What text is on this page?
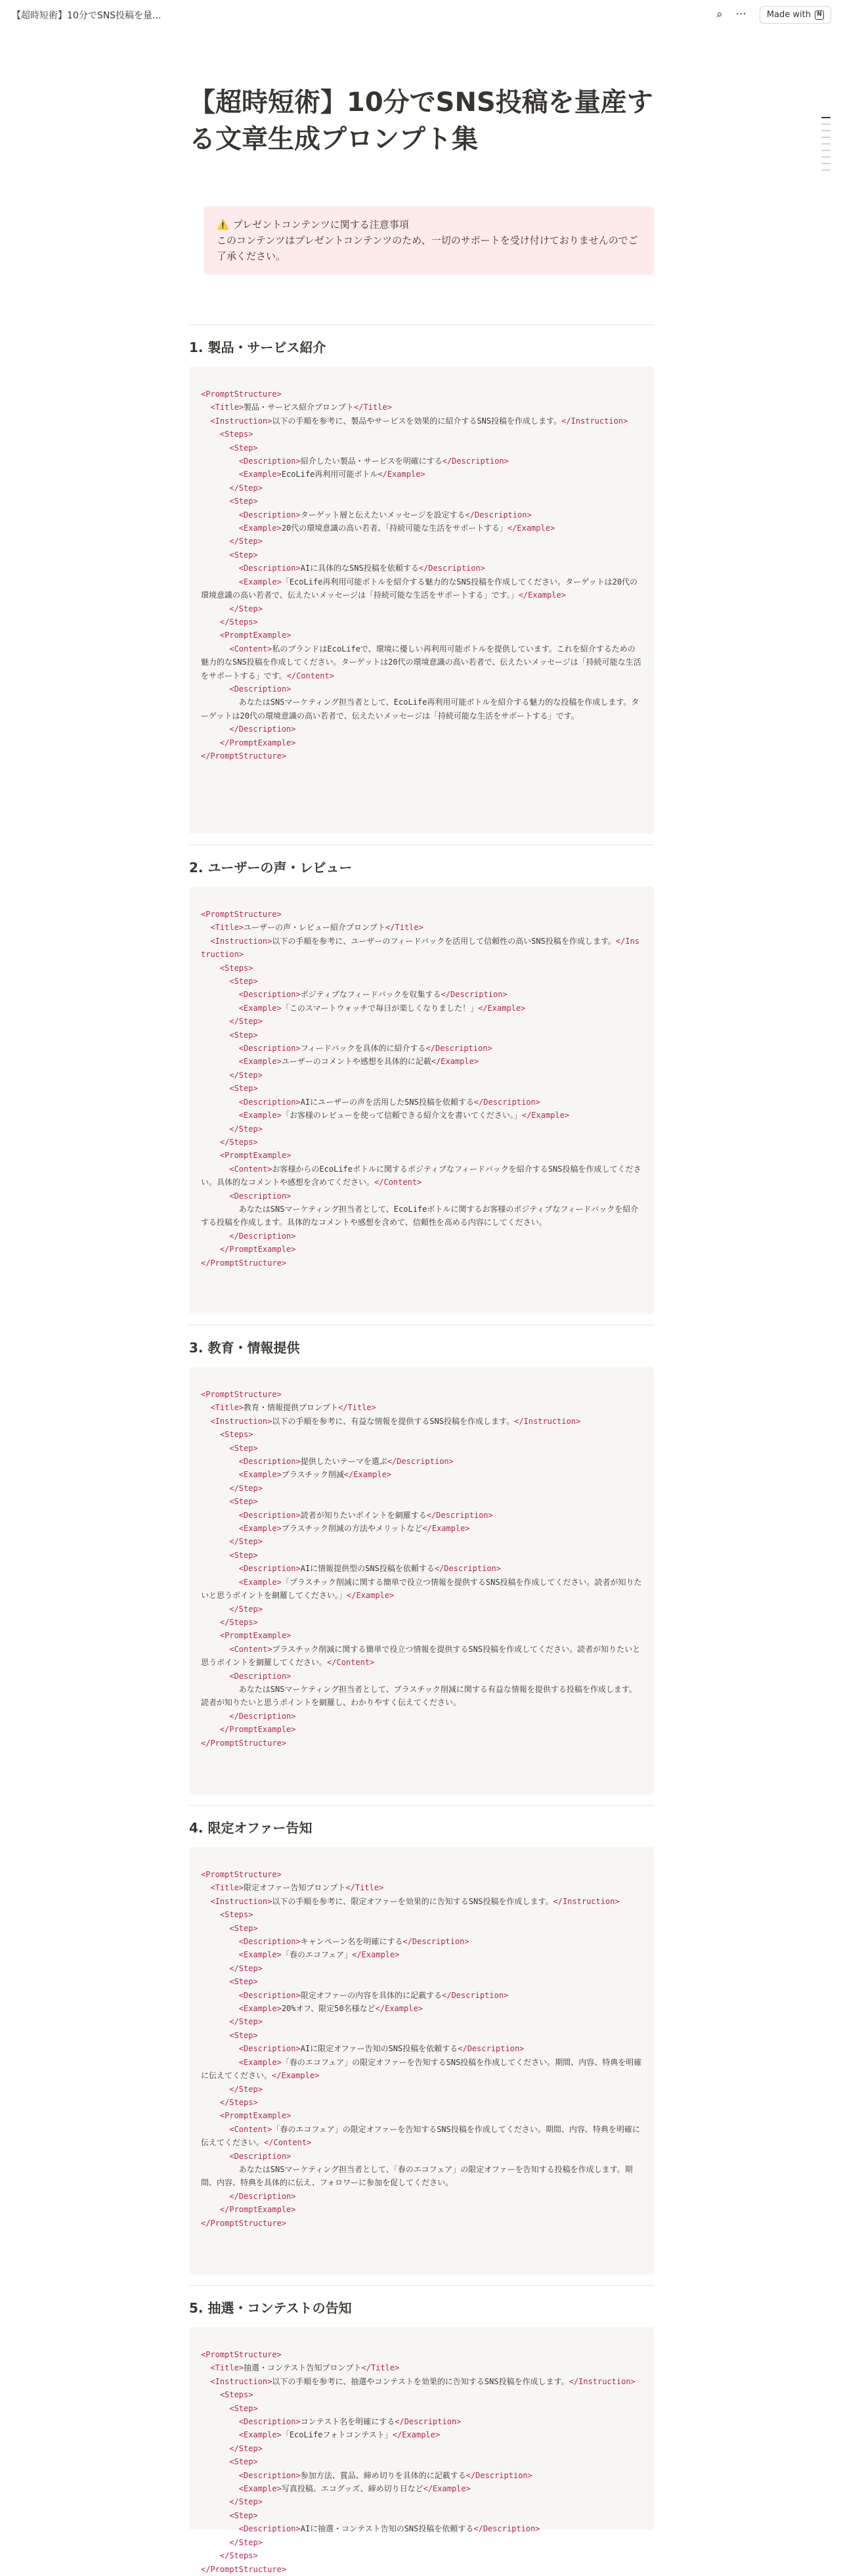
【超時短術】10分でSNS投稿を量...	⌕ ··· Made with	N
【超時短術】10分でSNS投稿を量産する文章生成プロンプト集
⚠️ プレゼントコンテンツに関する注意事項
このコンテンツはプレゼントコンテンツのため、一切のサポートを受け付けておりませんのでご了承ください。
1. 製品・サービス紹介
<PromptStructure>
<Title>製品・サービス紹介プロンプト</Title>
<Instruction>以下の手順を参考に、製品やサービスを効果的に紹介するSNS投稿を作成します。</Instruction>
<Steps>
<Step>
<Description>紹介したい製品・サービスを明確にする</Description>
<Example>EcoLife再利用可能ボトル</Example>
</Step>
<Step>
<Description>ターゲット層と伝えたいメッセージを設定する</Description>
<Example>20代の環境意識の高い若者、「持続可能な生活をサポートする」</Example>
</Step>
<Step>
<Description>AIに具体的なSNS投稿を依頼する</Description>
<Example>「EcoLife再利用可能ボトルを紹介する魅力的なSNS投稿を作成してください。ターゲットは20代の環境意識の高い若者で、伝えたいメッセージは「持続可能な生活をサポートする」です。」</Example>
</Step>
</Steps>
<PromptExample>
<Content>私のブランドはEcoLifeで、環境に優しい再利用可能ボトルを提供しています。これを紹介するための魅力的なSNS投稿を作成してください。ターゲットは20代の環境意識の高い若者で、伝えたいメッセージは「持続可能な生活をサポートする」です。</Content>
<Description>
あなたはSNSマーケティング担当者として、EcoLife再利用可能ボトルを紹介する魅力的な投稿を作成します。ターゲットは20代の環境意識の高い若者で、伝えたいメッセージは「持続可能な生活をサポートする」です。
</Description>
</PromptExample>
</PromptStructure>
2. ユーザーの声・レビュー
<PromptStructure>
<Title>ユーザーの声・レビュー紹介プロンプト</Title>
<Instruction>以下の手順を参考に、ユーザーのフィードバックを活用して信頼性の高いSNS投稿を作成します。</Instruction>
<Steps>
<Step>
<Description>ポジティブなフィードバックを収集する</Description>
<Example>「このスマートウォッチで毎日が楽しくなりました！」</Example>
</Step>
<Step>
<Description>フィードバックを具体的に紹介する</Description>
<Example>ユーザーのコメントや感想を具体的に記載</Example>
</Step>
<Step>
<Description>AIにユーザーの声を活用したSNS投稿を依頼する</Description>
<Example>「お客様のレビューを使って信頼できる紹介文を書いてください。」</Example>
</Step>
</Steps>
<PromptExample>
<Content>お客様からのEcoLifeボトルに関するポジティブなフィードバックを紹介するSNS投稿を作成してください。具体的なコメントや感想を含めてください。</Content>
<Description>
あなたはSNSマーケティング担当者として、EcoLifeボトルに関するお客様のポジティブなフィードバックを紹介する投稿を作成します。具体的なコメントや感想を含めて、信頼性を高める内容にしてください。
</Description>
</PromptExample>
</PromptStructure>
3. 教育・情報提供
<PromptStructure>
<Title>教育・情報提供プロンプト</Title>
<Instruction>以下の手順を参考に、有益な情報を提供するSNS投稿を作成します。</Instruction>
<Steps>
<Step>
<Description>提供したいテーマを選ぶ</Description>
<Example>プラスチック削減</Example>
</Step>
<Step>
<Description>読者が知りたいポイントを網羅する</Description>
<Example>プラスチック削減の方法やメリットなど</Example>
</Step>
<Step>
<Description>AIに情報提供型のSNS投稿を依頼する</Description>
<Example>「プラスチック削減に関する簡単で役立つ情報を提供するSNS投稿を作成してください。読者が知りたいと思うポイントを網羅してください。」</Example>
</Step>
</Steps>
<PromptExample>
<Content>プラスチック削減に関する簡単で役立つ情報を提供するSNS投稿を作成してください。読者が知りたいと思うポイントを網羅してください。</Content>
<Description>
あなたはSNSマーケティング担当者として、プラスチック削減に関する有益な情報を提供する投稿を作成します。読者が知りたいと思うポイントを網羅し、わかりやすく伝えてください。
</Description>
</PromptExample>
</PromptStructure>
4. 限定オファー告知
<PromptStructure>
<Title>限定オファー告知プロンプト</Title>
<Instruction>以下の手順を参考に、限定オファーを効果的に告知するSNS投稿を作成します。</Instruction>
<Steps>
<Step>
<Description>キャンペーン名を明確にする</Description>
<Example>「春のエコフェア」</Example>
</Step>
<Step>
<Description>限定オファーの内容を具体的に記載する</Description>
<Example>20%オフ、限定50名様など</Example>
</Step>
<Step>
<Description>AIに限定オファー告知のSNS投稿を依頼する</Description>
<Example>「春のエコフェア」の限定オファーを告知するSNS投稿を作成してください。期間、内容、特典を明確に伝えてください。</Example>
</Step>
</Steps>
<PromptExample>
<Content>「春のエコフェア」の限定オファーを告知するSNS投稿を作成してください。期間、内容、特典を明確に伝えてください。</Content>
<Description>
あなたはSNSマーケティング担当者として、「春のエコフェア」の限定オファーを告知する投稿を作成します。期間、内容、特典を具体的に伝え、フォロワーに参加を促してください。
</Description>
</PromptExample>
</PromptStructure>
5. 抽選・コンテストの告知
<PromptStructure>
<Title>抽選・コンテスト告知プロンプト</Title>
<Instruction>以下の手順を参考に、抽選やコンテストを効果的に告知するSNS投稿を作成します。</Instruction>
<Steps>
<Step>
<Description>コンテスト名を明確にする</Description>
<Example>「EcoLifeフォトコンテスト」</Example>
</Step>
<Step>
<Description>参加方法、賞品、締め切りを具体的に記載する</Description>
<Example>写真投稿、エコグッズ、締め切り日など</Example>
</Step>
<Step>
<Description>AIに抽選・コンテスト告知のSNS投稿を依頼する</Description>
</Step>
</Steps>
</PromptStructure>
